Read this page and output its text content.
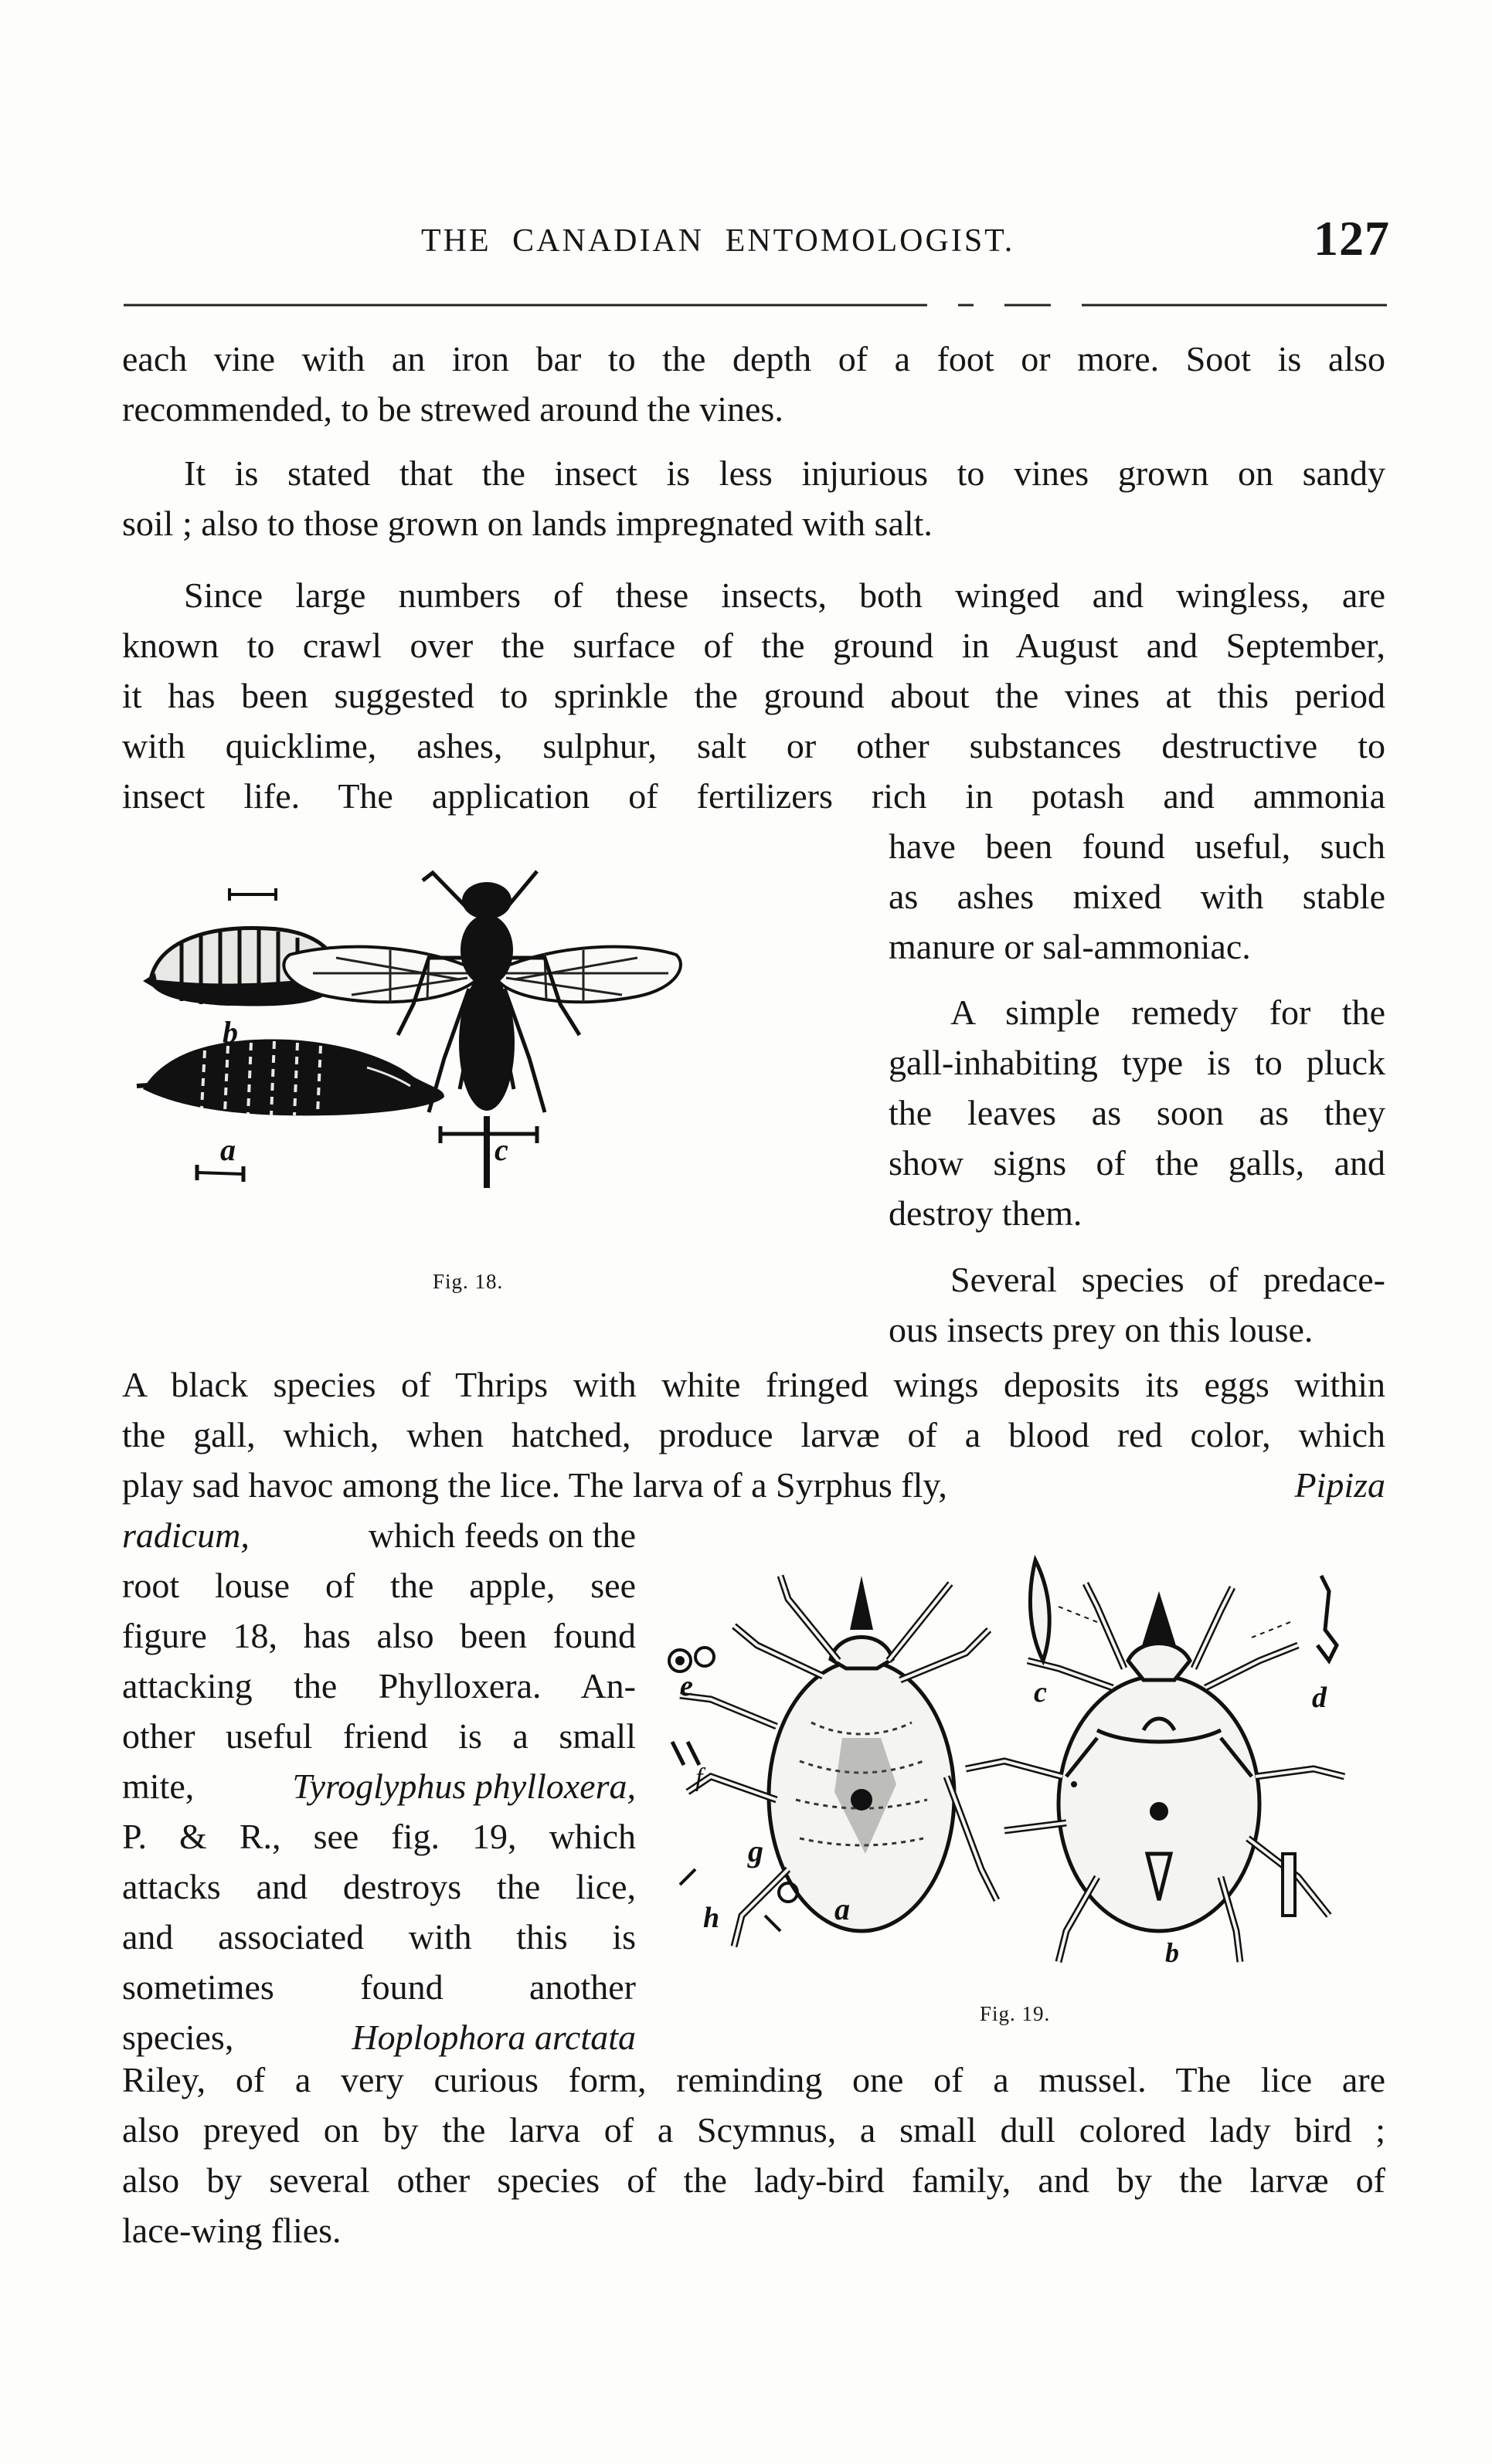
THE CANADIAN ENTOMOLOGIST.	127
each vine with an iron bar to the depth of a foot or more. Soot is also
recommended, to be strewed around the vines.
It is stated that the insect is less injurious to vines grown on sandy
soil ; also to those grown on lands impregnated with salt.
Since large numbers of these insects, both winged and wingless, are
known to crawl over the surface of the ground in August and September,
it has been suggested to sprinkle the ground about the vines at this period
with quicklime, ashes, sulphur, salt or other substances destructive to
insect life. The application of fertilizers rich in potash and ammonia
have been found useful, such
as ashes mixed with stable
manure or sal-ammoniac.
A simple remedy for the
gall-inhabiting type is to pluck
the leaves as soon as they
show signs of the galls, and
destroy them.
Several species of predace-
ous insects prey on this louse.
b
a	c
Fig. 18.
A black species of Thrips with white fringed wings deposits its eggs within
the gall, which, when hatched, produce larvæ of a blood red color, which
play sad havoc among the lice. The larva of a Syrphus fly,	Pipiza
radicum,	which feeds on the
root louse of the apple, see
figure 18, has also been found
attacking the Phylloxera. An-
other useful friend is a small
mite,	Tyroglyphus phylloxera,
P. & R., see fig. 19, which
attacks and destroys the lice,
and associated with this is
sometimes found another
species,	Hoplophora arctata
e
f
g
h	a
c	d
b
Fig. 19.
Riley, of a very curious form, reminding one of a mussel. The lice are
also preyed on by the larva of a Scymnus, a small dull colored lady bird ;
also by several other species of the lady-bird family, and by the larvæ of
lace-wing flies.
